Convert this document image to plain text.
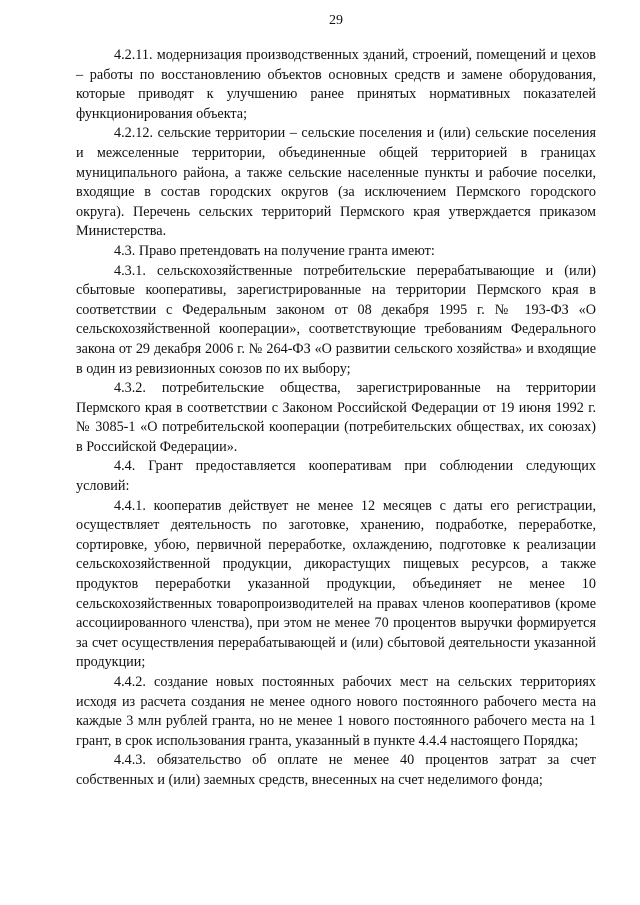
29

4.2.11. модернизация производственных зданий, строений, помещений и цехов – работы по восстановлению объектов основных средств и замене оборудования, которые приводят к улучшению ранее принятых нормативных показателей функционирования объекта;

4.2.12. сельские территории – сельские поселения и (или) сельские поселения и межселенные территории, объединенные общей территорией в границах муниципального района, а также сельские населенные пункты и рабочие поселки, входящие в состав городских округов (за исключением Пермского городского округа). Перечень сельских территорий Пермского края утверждается приказом Министерства.

4.3. Право претендовать на получение гранта имеют:

4.3.1. сельскохозяйственные потребительские перерабатывающие и (или) сбытовые кооперативы, зарегистрированные на территории Пермского края в соответствии с Федеральным законом от 08 декабря 1995 г. № 193-ФЗ «О сельскохозяйственной кооперации», соответствующие требованиям Федерального закона от 29 декабря 2006 г. № 264-ФЗ «О развитии сельского хозяйства» и входящие в один из ревизионных союзов по их выбору;

4.3.2. потребительские общества, зарегистрированные на территории Пермского края в соответствии с Законом Российской Федерации от 19 июня 1992 г. № 3085-1 «О потребительской кооперации (потребительских обществах, их союзах) в Российской Федерации».

4.4. Грант предоставляется кооперативам при соблюдении следующих условий:

4.4.1. кооператив действует не менее 12 месяцев с даты его регистрации, осуществляет деятельность по заготовке, хранению, подработке, переработке, сортировке, убою, первичной переработке, охлаждению, подготовке к реализации сельскохозяйственной продукции, дикорастущих пищевых ресурсов, а также продуктов переработки указанной продукции, объединяет не менее 10 сельскохозяйственных товаропроизводителей на правах членов кооперативов (кроме ассоциированного членства), при этом не менее 70 процентов выручки формируется за счет осуществления перерабатывающей и (или) сбытовой деятельности указанной продукции;

4.4.2. создание новых постоянных рабочих мест на сельских территориях исходя из расчета создания не менее одного нового постоянного рабочего места на каждые 3 млн рублей гранта, но не менее 1 нового постоянного рабочего места на 1 грант, в срок использования гранта, указанный в пункте 4.4.4 настоящего Порядка;

4.4.3. обязательство об оплате не менее 40 процентов затрат за счет собственных и (или) заемных средств, внесенных на счет неделимого фонда;
